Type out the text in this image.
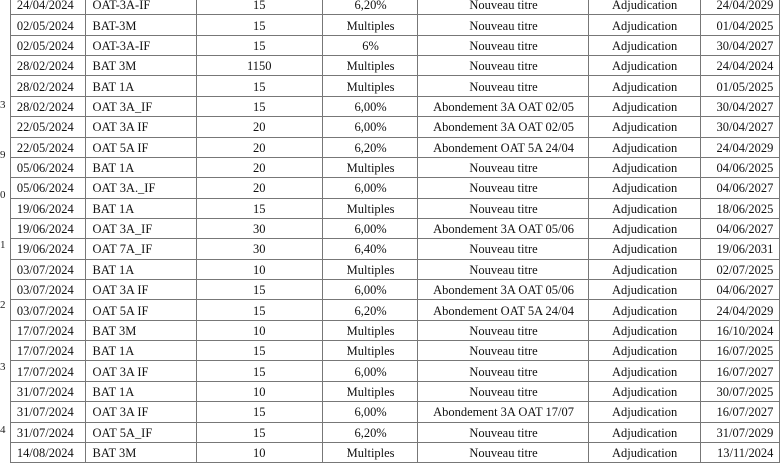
3
9
0
1
2
3
4
24/04/2024	OAT-3A-IF	15	6,20%	Nouveau titre	Adjudication	24/04/2029
02/05/2024	BAT-3M	15	Multiples	Nouveau titre	Adjudication	01/04/2025
02/05/2024	OAT-3A-IF	15	6%	Nouveau titre	Adjudication	30/04/2027
28/02/2024	BAT 3M	1150	Multiples	Nouveau titre	Adjudication	24/04/2024
28/02/2024	BAT 1A	15	Multiples	Nouveau titre	Adjudication	01/05/2025
28/02/2024	OAT 3A_IF	15	6,00%	Abondement 3A OAT 02/05	Adjudication	30/04/2027
22/05/2024	OAT 3A IF	20	6,00%	Abondement 3A OAT 02/05	Adjudication	30/04/2027
22/05/2024	OAT 5A IF	20	6,20%	Abondement OAT 5A 24/04	Adjudication	24/04/2029
05/06/2024	BAT 1A	20	Multiples	Nouveau titre	Adjudication	04/06/2025
05/06/2024	OAT 3A._IF	20	6,00%	Nouveau titre	Adjudication	04/06/2027
19/06/2024	BAT 1A	15	Multiples	Nouveau titre	Adjudication	18/06/2025
19/06/2024	OAT 3A_IF	30	6,00%	Abondement 3A OAT 05/06	Adjudication	04/06/2027
19/06/2024	OAT 7A_IF	30	6,40%	Nouveau titre	Adjudication	19/06/2031
03/07/2024	BAT 1A	10	Multiples	Nouveau titre	Adjudication	02/07/2025
03/07/2024	OAT 3A IF	15	6,00%	Abondement 3A OAT 05/06	Adjudication	04/06/2027
03/07/2024	OAT 5A IF	15	6,20%	Abondement OAT 5A 24/04	Adjudication	24/04/2029
17/07/2024	BAT 3M	10	Multiples	Nouveau titre	Adjudication	16/10/2024
17/07/2024	BAT 1A	15	Multiples	Nouveau titre	Adjudication	16/07/2025
17/07/2024	OAT 3A IF	15	6,00%	Nouveau titre	Adjudication	16/07/2027
31/07/2024	BAT 1A	10	Multiples	Nouveau titre	Adjudication	30/07/2025
31/07/2024	OAT 3A IF	15	6,00%	Abondement 3A OAT 17/07	Adjudication	16/07/2027
31/07/2024	OAT 5A_IF	15	6,20%	Nouveau titre	Adjudication	31/07/2029
14/08/2024	BAT 3M	10	Multiples	Nouveau titre	Adjudication	13/11/2024
